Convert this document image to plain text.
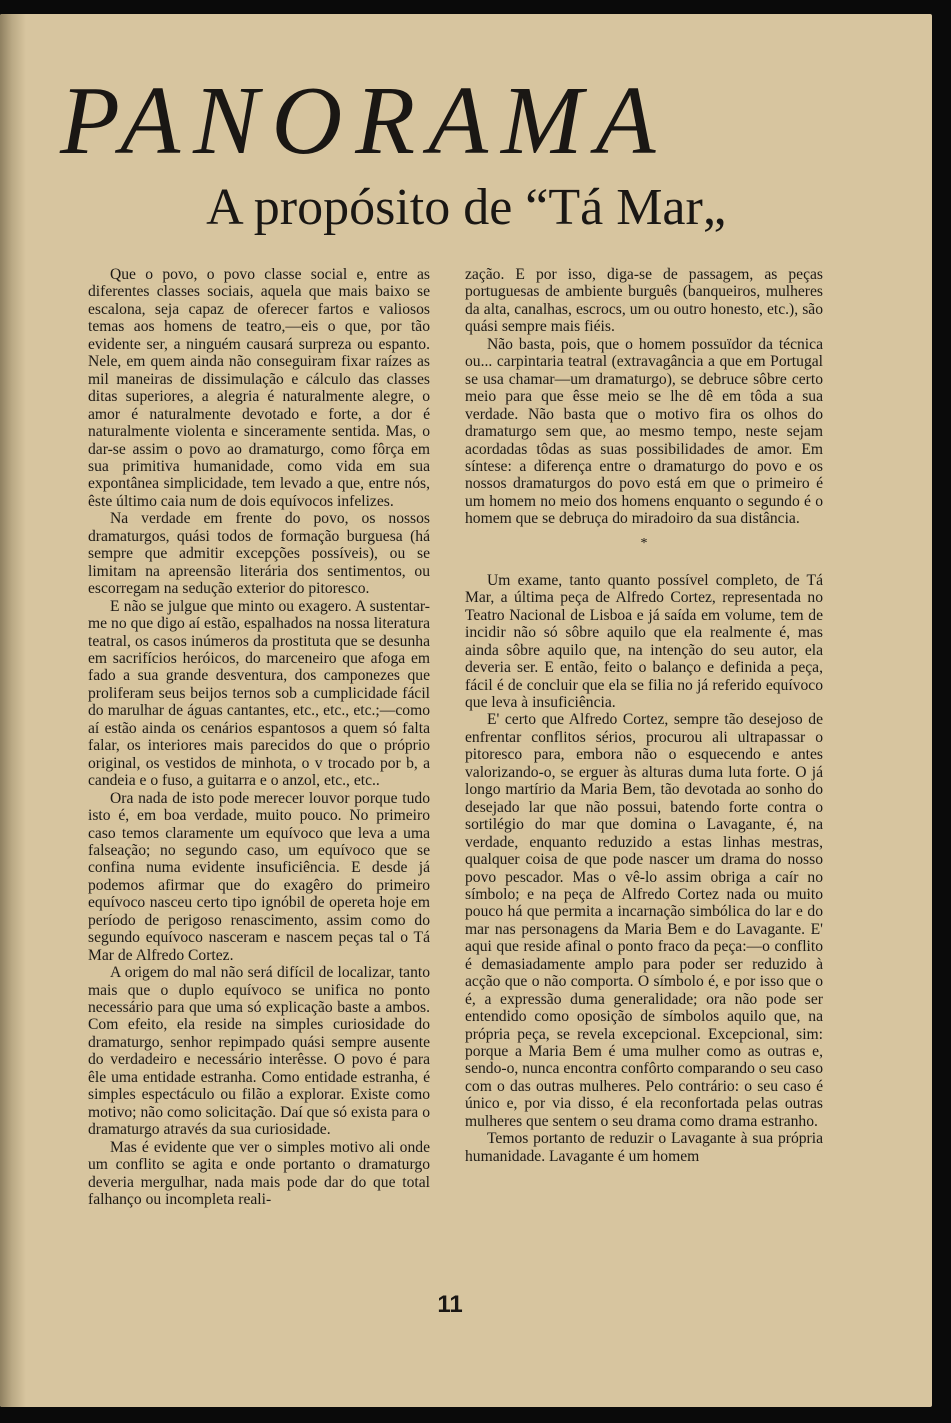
PANORAMA
A propósito de “Tá Mar„

Que o povo, o povo classe social e, entre as diferentes classes sociais, aquela que mais baixo se escalona, seja capaz de oferecer fartos e valiosos temas aos homens de teatro,—eis o que, por tão evidente ser, a ninguém causará surpreza ou espanto. Nele, em quem ainda não conseguiram fixar raízes as mil maneiras de dissimulação e cálculo das classes ditas superiores, a alegria é naturalmente alegre, o amor é naturalmente devotado e forte, a dor é naturalmente violenta e sinceramente sentida. Mas, o dar-se assim o povo ao dramaturgo, como fôrça em sua primitiva humanidade, como vida em sua expontânea simplicidade, tem levado a que, entre nós, êste último caia num de dois equívocos infelizes.

Na verdade em frente do povo, os nossos dramaturgos, quási todos de formação burguesa (há sempre que admitir excepções possíveis), ou se limitam na apreensão literária dos sentimentos, ou escorregam na sedução exterior do pitoresco.

E não se julgue que minto ou exagero. A sustentar-me no que digo aí estão, espalhados na nossa literatura teatral, os casos inúmeros da prostituta que se desunha em sacrifícios heróicos, do marceneiro que afoga em fado a sua grande desventura, dos camponezes que proliferam seus beijos ternos sob a cumplicidade fácil do marulhar de águas cantantes, etc., etc., etc.;—como aí estão ainda os cenários espantosos a quem só falta falar, os interiores mais parecidos do que o próprio original, os vestidos de minhota, o v trocado por b, a candeia e o fuso, a guitarra e o anzol, etc., etc..

Ora nada de isto pode merecer louvor porque tudo isto é, em boa verdade, muito pouco. No primeiro caso temos claramente um equívoco que leva a uma falseação; no segundo caso, um equívoco que se confina numa evidente insuficiência. E desde já podemos afirmar que do exagêro do primeiro equívoco nasceu certo tipo ignóbil de opereta hoje em período de perigoso renascimento, assim como do segundo equívoco nasceram e nascem peças tal o Tá Mar de Alfredo Cortez.

A origem do mal não será difícil de localizar, tanto mais que o duplo equívoco se unifica no ponto necessário para que uma só explicação baste a ambos. Com efeito, ela reside na simples curiosidade do dramaturgo, senhor repimpado quási sempre ausente do verdadeiro e necessário interêsse. O povo é para êle uma entidade estranha. Como entidade estranha, é simples espectáculo ou filão a explorar. Existe como motivo; não como solicitação. Daí que só exista para o dramaturgo através da sua curiosidade.

Mas é evidente que ver o simples motivo ali onde um conflito se agita e onde portanto o dramaturgo deveria mergulhar, nada mais pode dar do que total falhanço ou incompleta reali-

zação. E por isso, diga-se de passagem, as peças portuguesas de ambiente burguês (banqueiros, mulheres da alta, canalhas, escrocs, um ou outro honesto, etc.), são quási sempre mais fiéis.

Não basta, pois, que o homem possuïdor da técnica ou... carpintaria teatral (extravagância a que em Portugal se usa chamar—um dramaturgo), se debruce sôbre certo meio para que êsse meio se lhe dê em tôda a sua verdade. Não basta que o motivo fira os olhos do dramaturgo sem que, ao mesmo tempo, neste sejam acordadas tôdas as suas possibilidades de amor. Em síntese: a diferença entre o dramaturgo do povo e os nossos dramaturgos do povo está em que o primeiro é um homem no meio dos homens enquanto o segundo é o homem que se debruça do miradoiro da sua distância.

*

Um exame, tanto quanto possível completo, de Tá Mar, a última peça de Alfredo Cortez, representada no Teatro Nacional de Lisboa e já saída em volume, tem de incidir não só sôbre aquilo que ela realmente é, mas ainda sôbre aquilo que, na intenção do seu autor, ela deveria ser. E então, feito o balanço e definida a peça, fácil é de concluir que ela se filia no já referido equívoco que leva à insuficiência.

E' certo que Alfredo Cortez, sempre tão desejoso de enfrentar conflitos sérios, procurou ali ultrapassar o pitoresco para, embora não o esquecendo e antes valorizando-o, se erguer às alturas duma luta forte. O já longo martírio da Maria Bem, tão devotada ao sonho do desejado lar que não possui, batendo forte contra o sortilégio do mar que domina o Lavagante, é, na verdade, enquanto reduzido a estas linhas mestras, qualquer coisa de que pode nascer um drama do nosso povo pescador. Mas o vê-lo assim obriga a caír no símbolo; e na peça de Alfredo Cortez nada ou muito pouco há que permita a incarnação simbólica do lar e do mar nas personagens da Maria Bem e do Lavagante. E' aqui que reside afinal o ponto fraco da peça:—o conflito é demasiadamente amplo para poder ser reduzido à acção que o não comporta. O símbolo é, e por isso que o é, a expressão duma generalidade; ora não pode ser entendido como oposição de símbolos aquilo que, na própria peça, se revela excepcional. Excepcional, sim: porque a Maria Bem é uma mulher como as outras e, sendo-o, nunca encontra confôrto comparando o seu caso com o das outras mulheres. Pelo contrário: o seu caso é único e, por via disso, é ela reconfortada pelas outras mulheres que sentem o seu drama como drama estranho.

Temos portanto de reduzir o Lavagante à sua própria humanidade. Lavagante é um homem

11
